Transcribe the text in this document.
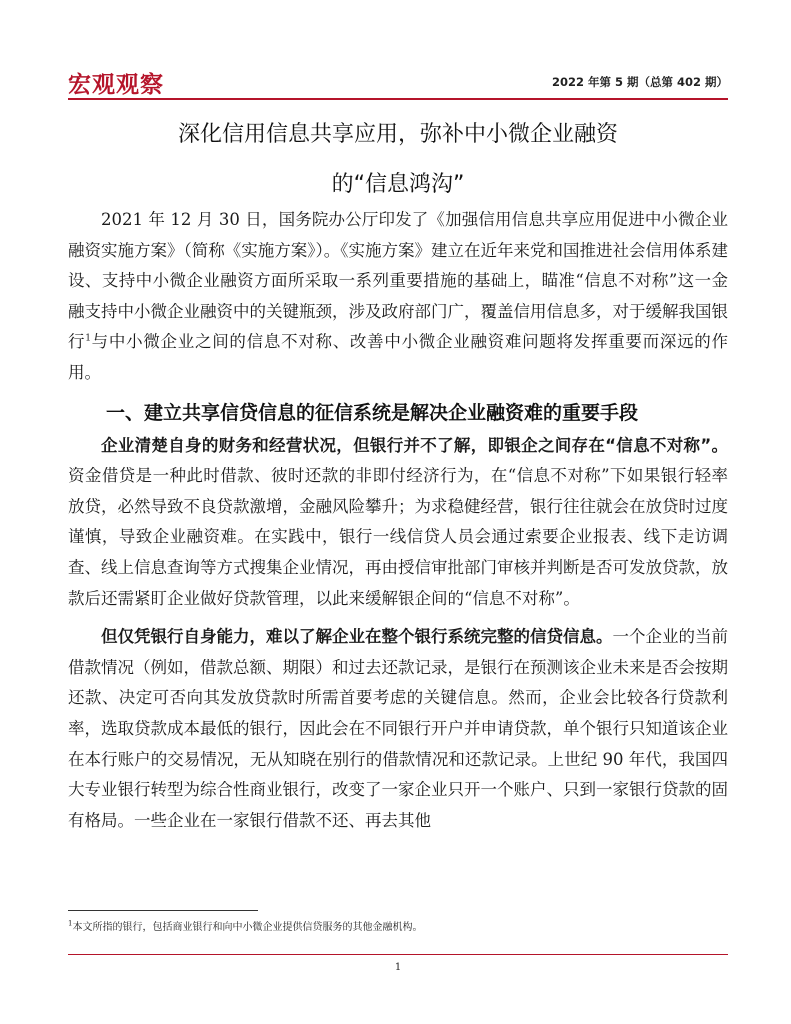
宏观观察	2022 年第 5 期（总第 402 期）
深化信用信息共享应用，弥补中小微企业融资
的“信息鸿沟”

2021 年 12 月 30 日，国务院办公厅印发了《加强信用信息共享应用促进中小微企业融资实施方案》（简称《实施方案》）。《实施方案》建立在近年来党和国推进社会信用体系建设、支持中小微企业融资方面所采取一系列重要措施的基础上，瞄准“信息不对称”这一金融支持中小微企业融资中的关键瓶颈，涉及政府部门广，覆盖信用信息多，对于缓解我国银行$^1$与中小微企业之间的信息不对称、改善中小微企业融资难问题将发挥重要而深远的作用。

一、建立共享信贷信息的征信系统是解决企业融资难的重要手段

企业清楚自身的财务和经营状况，但银行并不了解，即银企之间存在“信息不对称”。资金借贷是一种此时借款、彼时还款的非即付经济行为，在“信息不对称”下如果银行轻率放贷，必然导致不良贷款激增，金融风险攀升；为求稳健经营，银行往往就会在放贷时过度谨慎，导致企业融资难。在实践中，银行一线信贷人员会通过索要企业报表、线下走访调查、线上信息查询等方式搜集企业情况，再由授信审批部门审核并判断是否可发放贷款，放款后还需紧盯企业做好贷款管理，以此来缓解银企间的“信息不对称”。

但仅凭银行自身能力，难以了解企业在整个银行系统完整的信贷信息。一个企业的当前借款情况（例如，借款总额、期限）和过去还款记录，是银行在预测该企业未来是否会按期还款、决定可否向其发放贷款时所需首要考虑的关键信息。然而，企业会比较各行贷款利率，选取贷款成本最低的银行，因此会在不同银行开户并申请贷款，单个银行只知道该企业在本行账户的交易情况，无从知晓在别行的借款情况和还款记录。上世纪 90 年代，我国四大专业银行转型为综合性商业银行，改变了一家企业只开一个账户、只到一家银行贷款的固有格局。一些企业在一家银行借款不还、再去其他

$^1$本文所指的银行，包括商业银行和向中小微企业提供信贷服务的其他金融机构。
1
